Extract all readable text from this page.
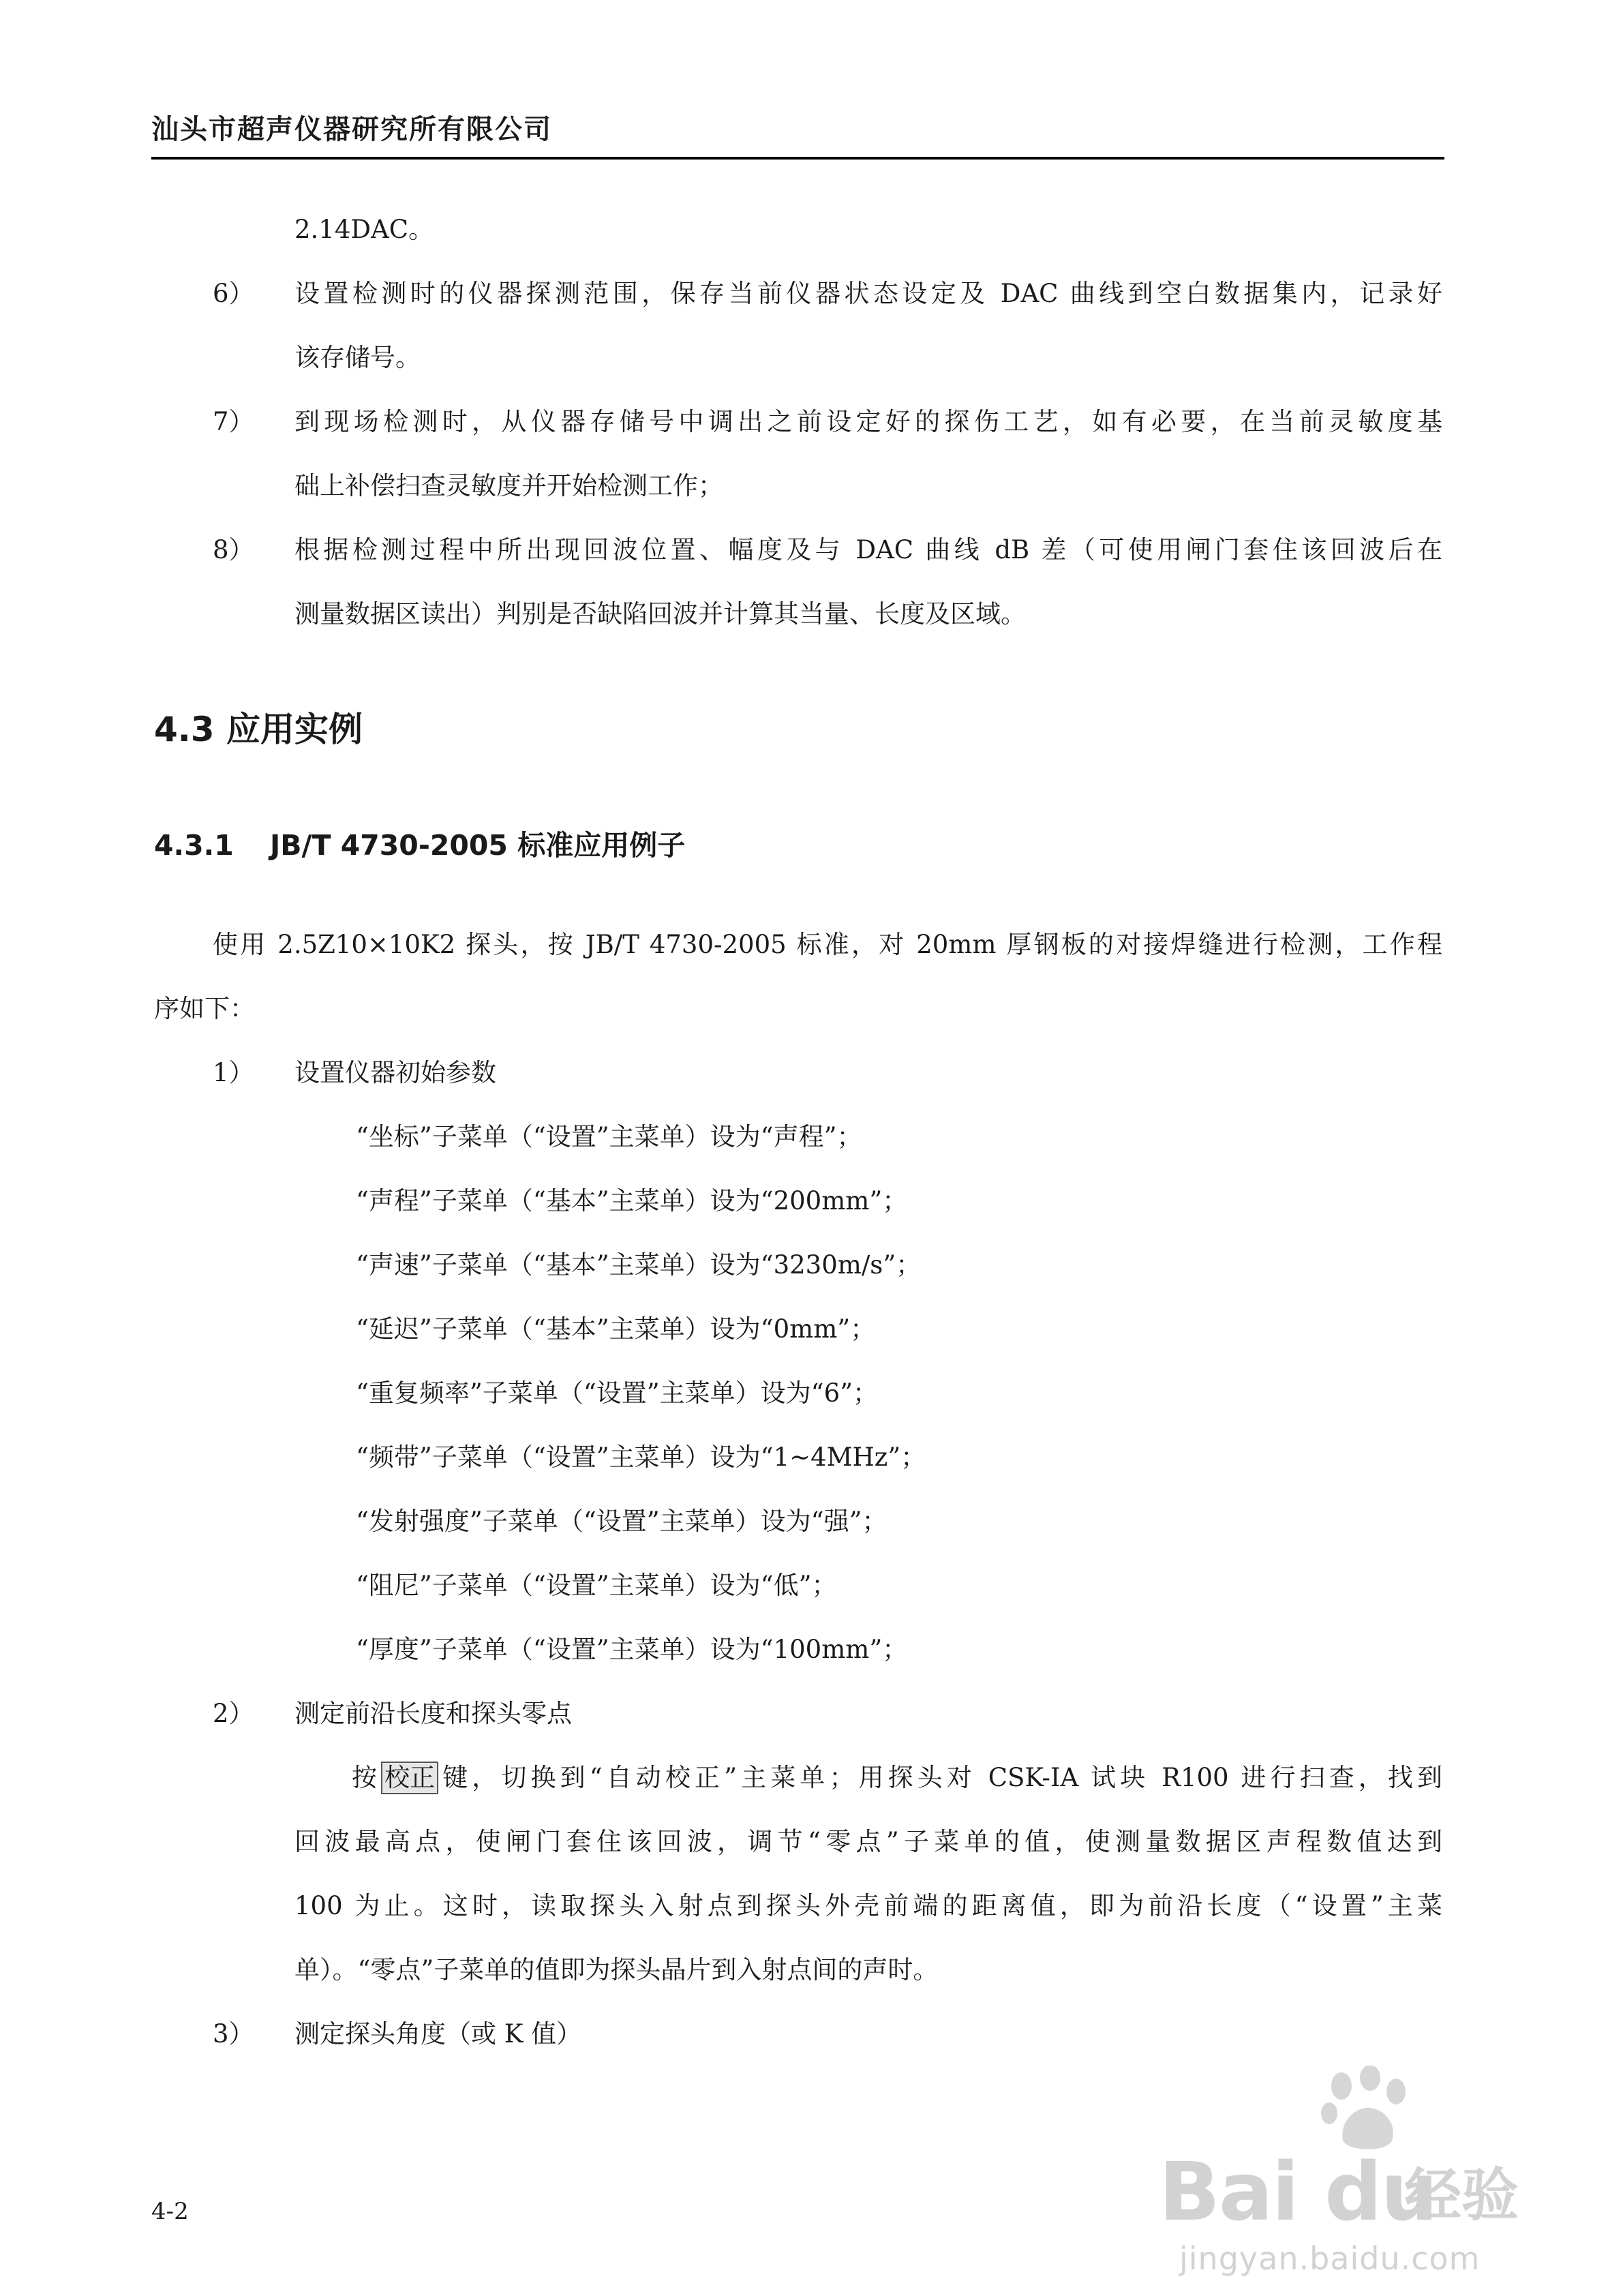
汕头市超声仪器研究所有限公司
2.14DAC。
6） 设置检测时的仪器探测范围，保存当前仪器状态设定及 DAC 曲线到空白数据集内，记录好
该存储号。
7） 到现场检测时，从仪器存储号中调出之前设定好的探伤工艺，如有必要，在当前灵敏度基
础上补偿扫查灵敏度并开始检测工作；
8） 根据检测过程中所出现回波位置、幅度及与 DAC 曲线 dB 差（可使用闸门套住该回波后在
测量数据区读出）判别是否缺陷回波并计算其当量、长度及区域。
4.3 应用实例
4.3.1 JB/T 4730-2005 标准应用例子
使用 2.5Z10×10K2 探头，按 JB/T 4730-2005 标准，对 20mm 厚钢板的对接焊缝进行检测，工作程
序如下：
1） 设置仪器初始参数
“坐标”子菜单（“设置”主菜单）设为“声程”；
“声程”子菜单（“基本”主菜单）设为“200mm”；
“声速”子菜单（“基本”主菜单）设为“3230m/s”；
“延迟”子菜单（“基本”主菜单）设为“0mm”；
“重复频率”子菜单（“设置”主菜单）设为“6”；
“频带”子菜单（“设置”主菜单）设为“1~4MHz”；
“发射强度”子菜单（“设置”主菜单）设为“强”；
“阻尼”子菜单（“设置”主菜单）设为“低”；
“厚度”子菜单（“设置”主菜单）设为“100mm”；
2） 测定前沿长度和探头零点
按 校正 键，切换到“自动校正”主菜单；用探头对 CSK-IA 试块 R100 进行扫查，找到
回波最高点，使闸门套住该回波，调节“零点”子菜单的值，使测量数据区声程数值达到
100 为止。这时，读取探头入射点到探头外壳前端的距离值，即为前沿长度（“设置”主菜
单）。“零点”子菜单的值即为探头晶片到入射点间的声时。
3） 测定探头角度（或 K 值）
Bai du
经验
jingyan.baidu.com
4-2
